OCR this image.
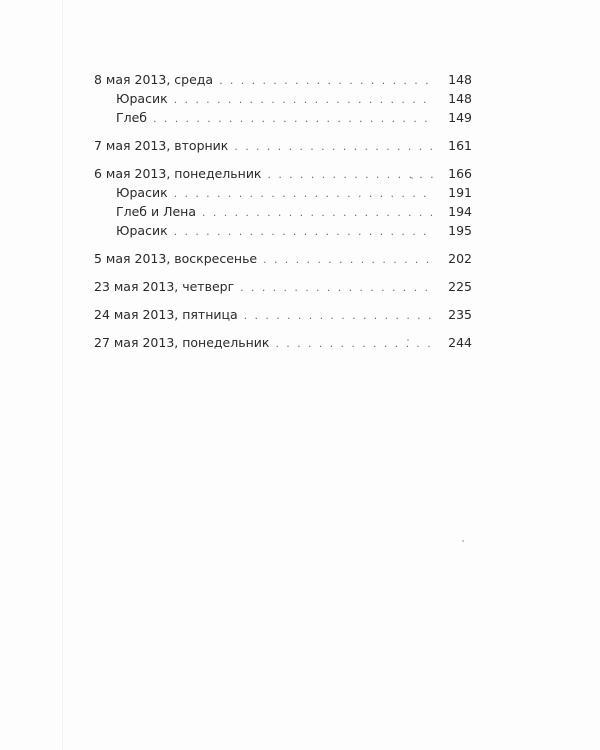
8 мая 2013, среда . . .	148
Юрасик . . .	148
Глеб . . .	149
7 мая 2013, вторник . . .	161
6 мая 2013, понедельник . . .	166
Юрасик . . .	191
Глеб и Лена . . .	194
Юрасик . . .	195
5 мая 2013, воскресенье . . .	202
23 мая 2013, четверг . . .	225
24 мая 2013, пятница . . .	235
27 мая 2013, понедельник . . .	244
